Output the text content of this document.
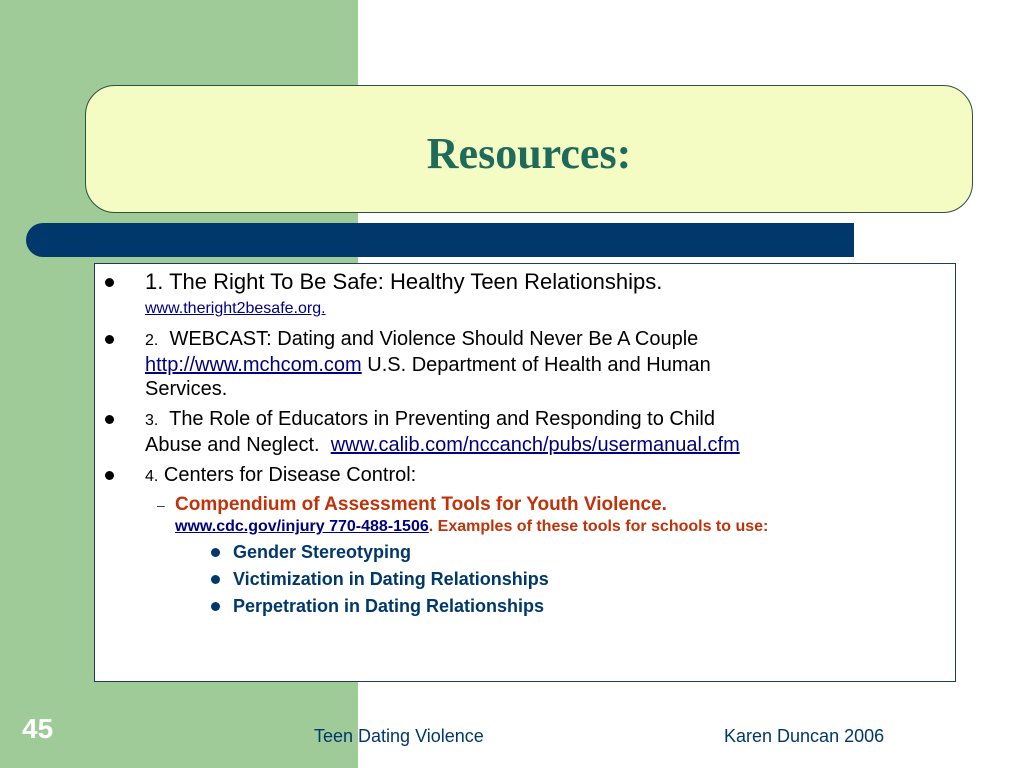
Resources:
1. The Right To Be Safe: Healthy Teen Relationships.
www.theright2besafe.org.
2.  WEBCAST: Dating and Violence Should Never Be A Couple
http://www.mchcom.com U.S. Department of Health and Human
Services.
3.  The Role of Educators in Preventing and Responding to Child
Abuse and Neglect.  www.calib.com/nccanch/pubs/usermanual.cfm
4. Centers for Disease Control:
– Compendium of Assessment Tools for Youth Violence.
www.cdc.gov/injury 770-488-1506. Examples of these tools for schools to use:
Gender Stereotyping
Victimization in Dating Relationships
Perpetration in Dating Relationships
45	Teen Dating Violence	Karen Duncan 2006
